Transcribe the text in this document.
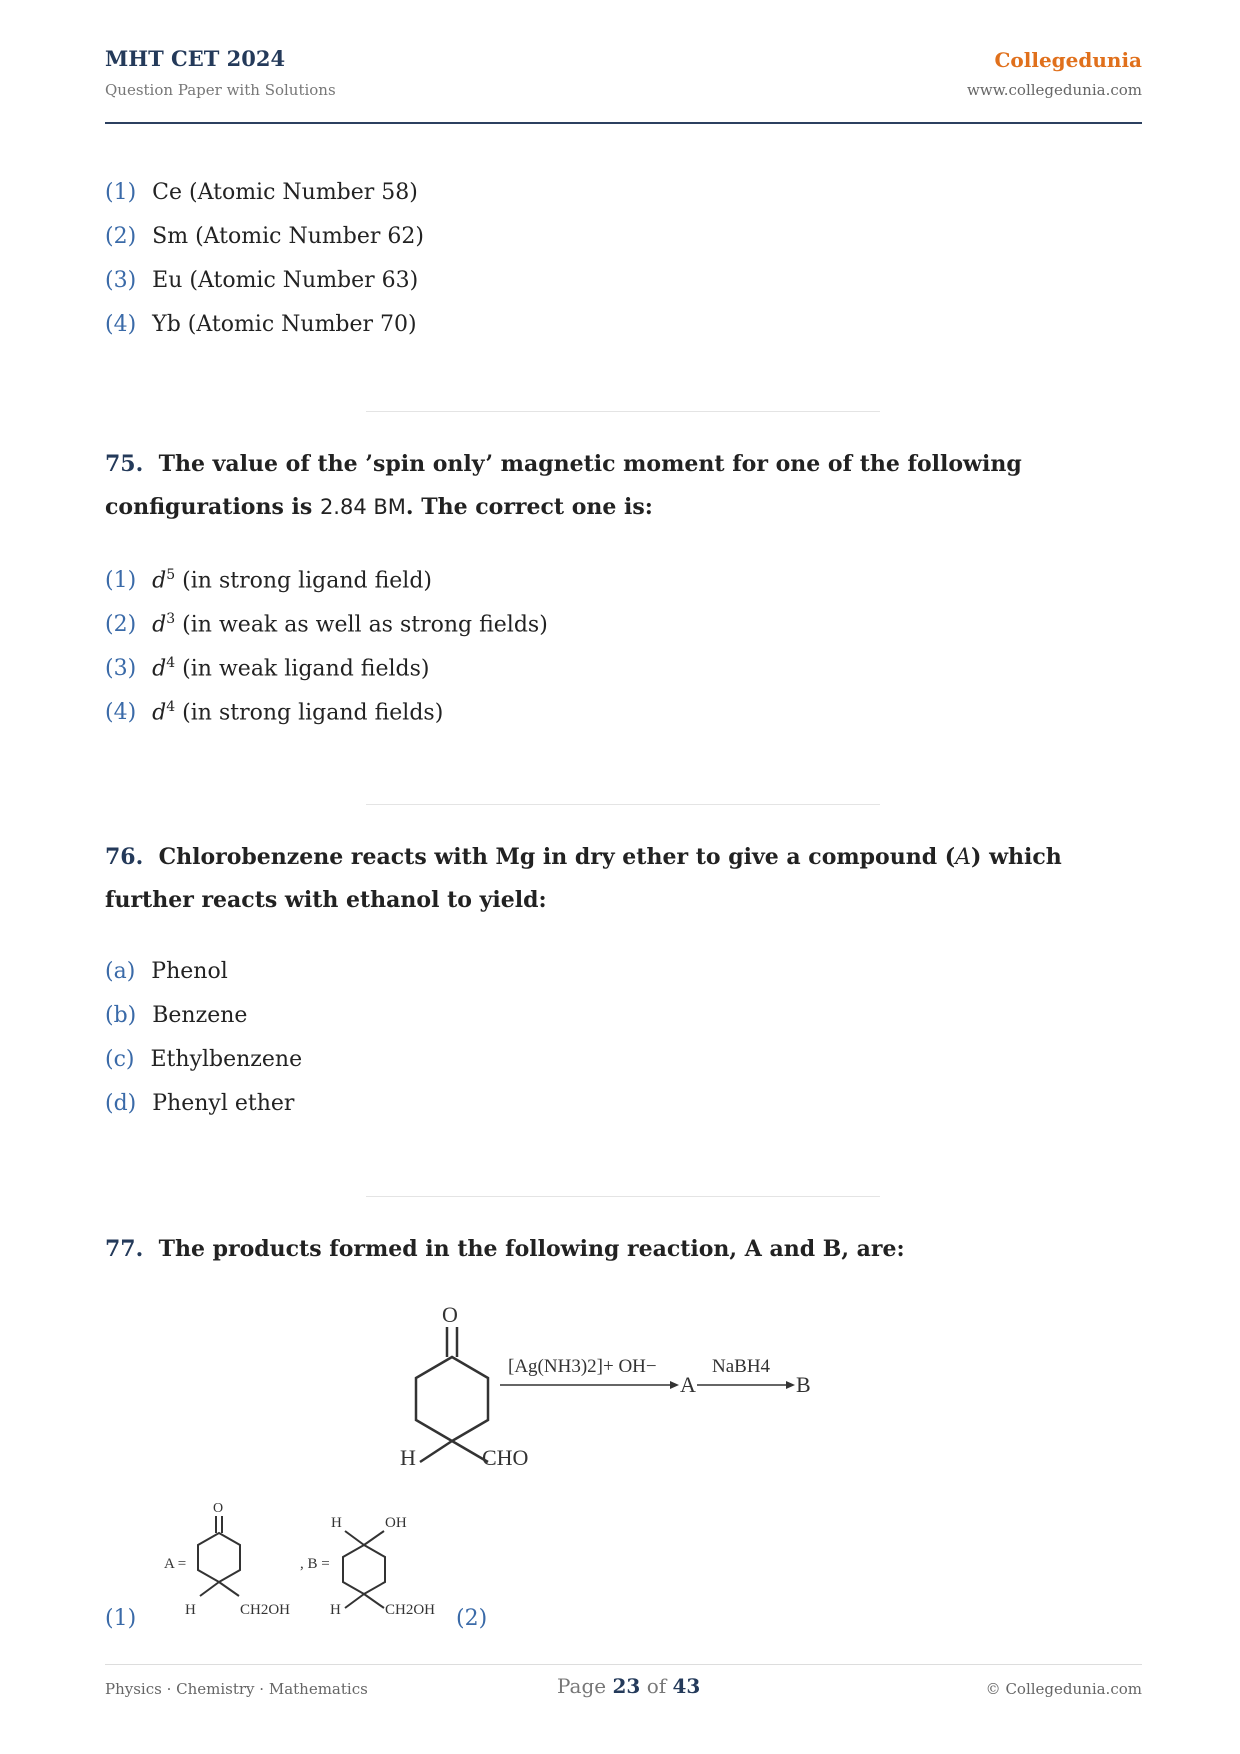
MHT CET 2024
Question Paper with Solutions
Collegedunia
www.collegedunia.com
(1) Ce (Atomic Number 58)
(2) Sm (Atomic Number 62)
(3) Eu (Atomic Number 63)
(4) Yb (Atomic Number 70)
75. The value of the ’spin only’ magnetic moment for one of the following configurations is 2.84 BM. The correct one is:
(1) $d^5$ (in strong ligand field)
(2) $d^3$ (in weak as well as strong fields)
(3) $d^4$ (in weak ligand fields)
(4) $d^4$ (in strong ligand fields)
76. Chlorobenzene reacts with Mg in dry ether to give a compound (A) which further reacts with ethanol to yield:
(a) Phenol
(b) Benzene
(c) Ethylbenzene
(d) Phenyl ether
77. The products formed in the following reaction, A and B, are:
O
H	CHO
[Ag(NH3)2]+ OH−
A
NaBH4
B
A =
O
H	CH2OH
, B =
H	OH
H	CH2OH
(1)	(2)
Physics · Chemistry · Mathematics	Page 23 of 43	© Collegedunia.com
